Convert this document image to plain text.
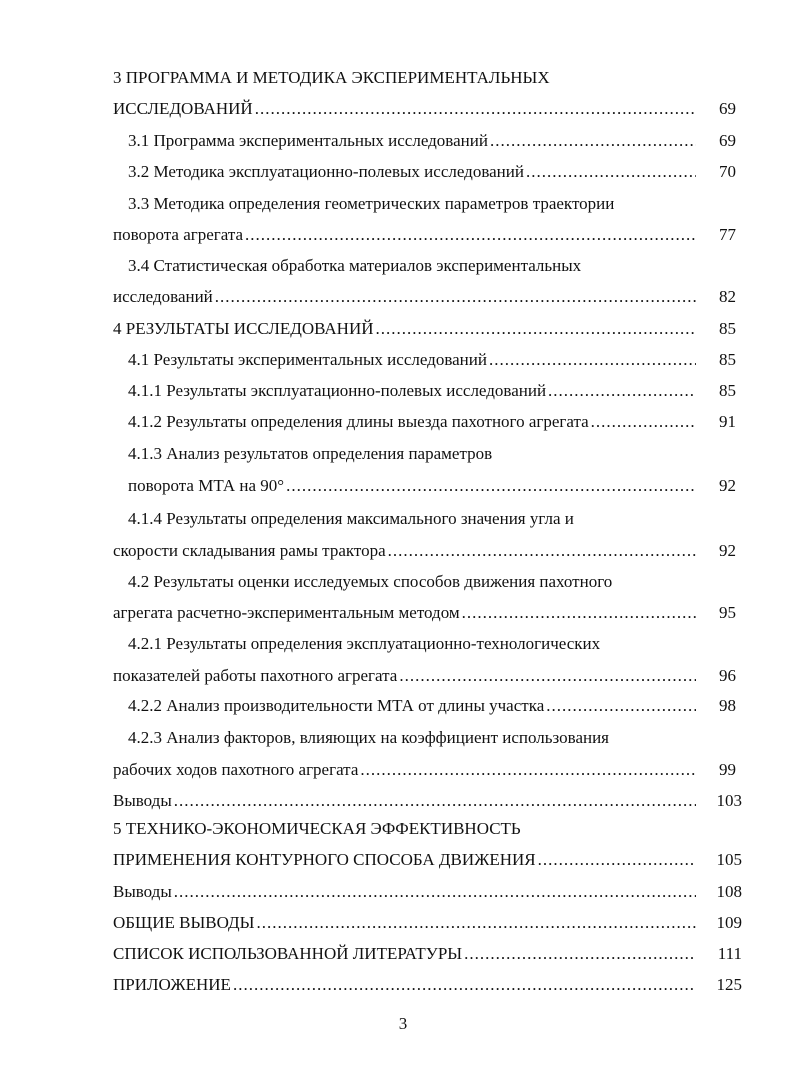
3 ПРОГРАММА И МЕТОДИКА ЭКСПЕРИМЕНТАЛЬНЫХ
ИССЛЕДОВАНИЙ .....	69
3.1 Программа экспериментальных исследований .....	69
3.2 Методика эксплуатационно-полевых исследований .....	70
3.3 Методика определения геометрических параметров траектории
поворота агрегата .....	77
3.4 Статистическая обработка материалов экспериментальных
исследований .....	82
4 РЕЗУЛЬТАТЫ ИССЛЕДОВАНИЙ .....	85
4.1 Результаты экспериментальных исследований .....	85
4.1.1 Результаты эксплуатационно-полевых исследований .....	85
4.1.2 Результаты определения длины выезда пахотного агрегата .....	91
4.1.3 Анализ результатов определения параметров
поворота МТА на 90° .....	92
4.1.4 Результаты определения максимального значения угла и
скорости складывания рамы трактора .....	92
4.2 Результаты оценки исследуемых способов движения пахотного
агрегата расчетно-экспериментальным методом .....	95
4.2.1 Результаты определения эксплуатационно-технологических
показателей работы пахотного агрегата .....	96
4.2.2 Анализ производительности МТА от длины участка .....	98
4.2.3 Анализ факторов, влияющих на коэффициент использования
рабочих ходов пахотного агрегата .....	99
Выводы .....	103
5 ТЕХНИКО-ЭКОНОМИЧЕСКАЯ ЭФФЕКТИВНОСТЬ
ПРИМЕНЕНИЯ КОНТУРНОГО СПОСОБА ДВИЖЕНИЯ .....	105
Выводы .....	108
ОБЩИЕ ВЫВОДЫ .....	109
СПИСОК ИСПОЛЬЗОВАННОЙ ЛИТЕРАТУРЫ .....	111
ПРИЛОЖЕНИЕ .....	125
3
